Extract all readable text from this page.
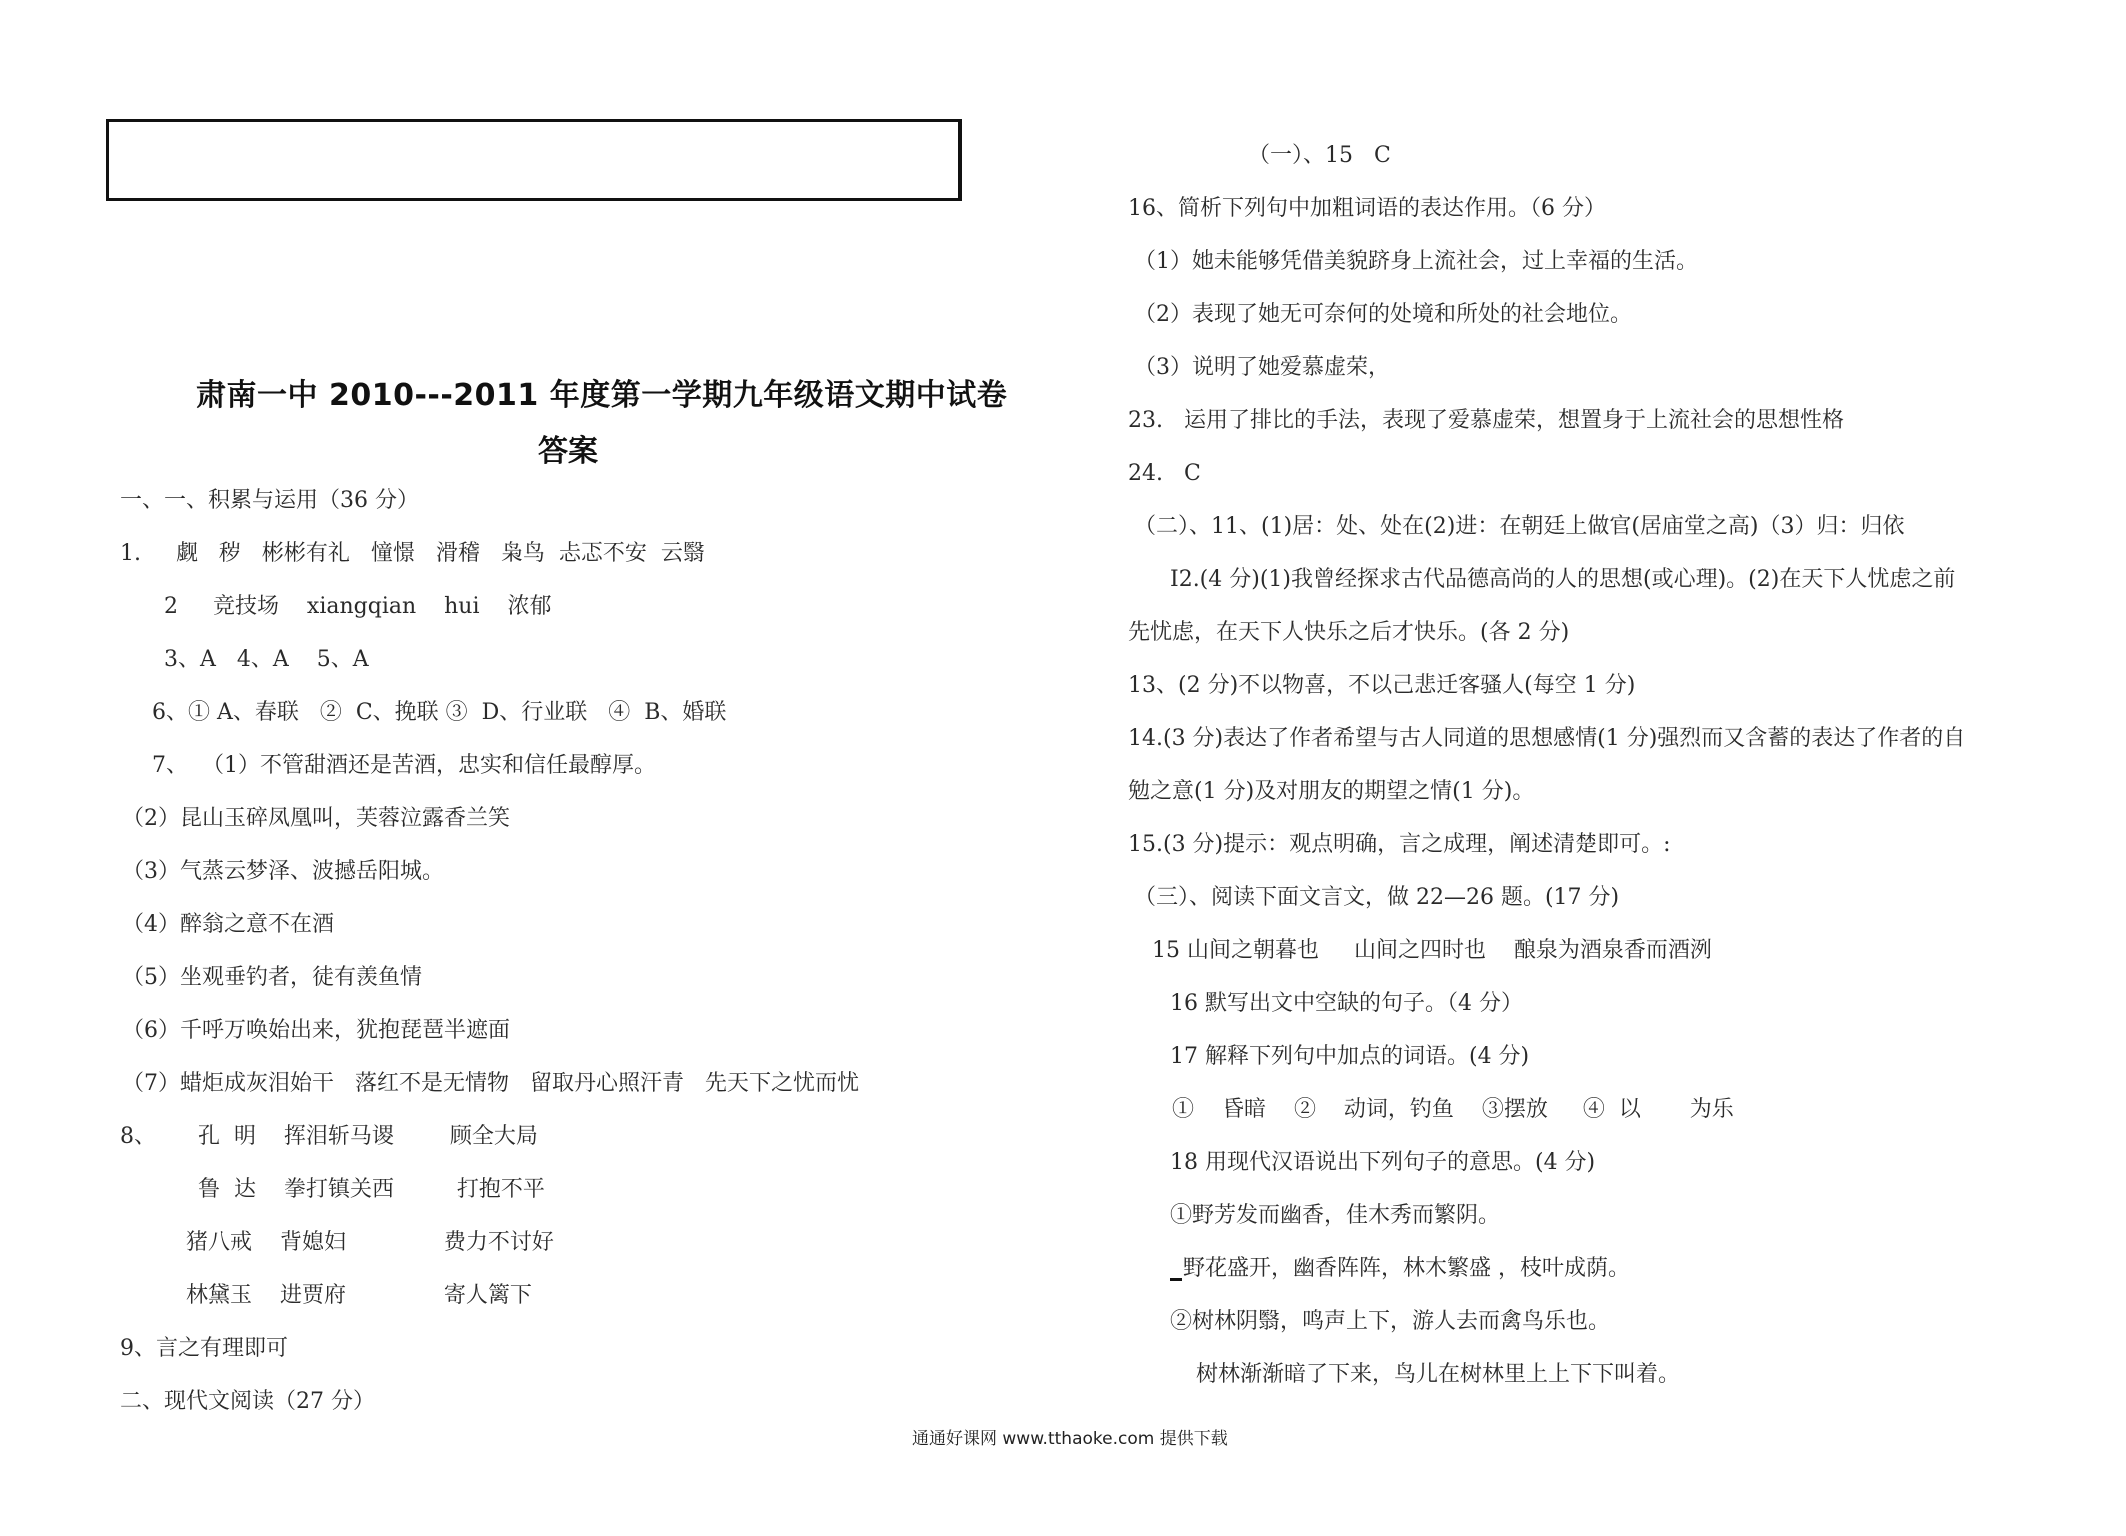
肃南一中 2010---2011 年度第一学期九年级语文期中试卷
答案
一、一、积累与运用（36 分）
1.     觑   秽   彬彬有礼   憧憬   滑稽   枭鸟  忐忑不安  云翳
2     竞技场    xiangqian    hui    浓郁
3、A   4、A    5、A
6、① A、春联   ②  C、挽联 ③  D、行业联   ④  B、婚联
7、  （1）不管甜酒还是苦酒，忠实和信任最醇厚。
（2）昆山玉碎凤凰叫，芙蓉泣露香兰笑
（3）气蒸云梦泽、波撼岳阳城。
（4）醉翁之意不在酒
（5）坐观垂钓者，徒有羡鱼情
（6）千呼万唤始出来，犹抱琵琶半遮面
（7）蜡炬成灰泪始干   落红不是无情物   留取丹心照汗青   先天下之忧而忧
8、      孔  明    挥泪斩马谡        顾全大局
鲁  达    拳打镇关西         打抱不平
猪八戒    背媳妇              费力不讨好
林黛玉    进贾府              寄人篱下
9、言之有理即可
二、现代文阅读（27 分）
（一）、15   C
16、简析下列句中加粗词语的表达作用。（6 分）
（1）她未能够凭借美貌跻身上流社会，过上幸福的生活。
（2）表现了她无可奈何的处境和所处的社会地位。
（3）说明了她爱慕虚荣，
23.   运用了排比的手法，表现了爱慕虚荣，想置身于上流社会的思想性格
24.   C
（二）、11、(1)居：处、处在(2)进：在朝廷上做官(居庙堂之高)（3）归：归依
I2.(4 分)(1)我曾经探求古代品德高尚的人的思想(或心理)。(2)在天下人忧虑之前
先忧虑，在天下人快乐之后才快乐。(各 2 分)
13、(2 分)不以物喜，不以己悲迁客骚人(每空 1 分)
14.(3 分)表达了作者希望与古人同道的思想感情(1 分)强烈而又含蓄的表达了作者的自
勉之意(1 分)及对朋友的期望之情(1 分)。
15.(3 分)提示：观点明确，言之成理，阐述清楚即可。:
（三）、阅读下面文言文，做 22—26 题。(17 分)
15 山间之朝暮也     山间之四时也    酿泉为酒泉香而酒洌
16 默写出文中空缺的句子。（4 分）
17 解释下列句中加点的词语。(4 分)
①    昏暗    ②    动词，钓鱼    ③摆放     ④  以       为乐
18 用现代汉语说出下列句子的意思。(4 分)
①野芳发而幽香，佳木秀而繁阴。
野花盛开，幽香阵阵，林木繁盛 ，枝叶成荫。
②树林阴翳，鸣声上下，游人去而禽鸟乐也。
树林渐渐暗了下来，鸟儿在树林里上上下下叫着。
通通好课网 www.tthaoke.com 提供下载
